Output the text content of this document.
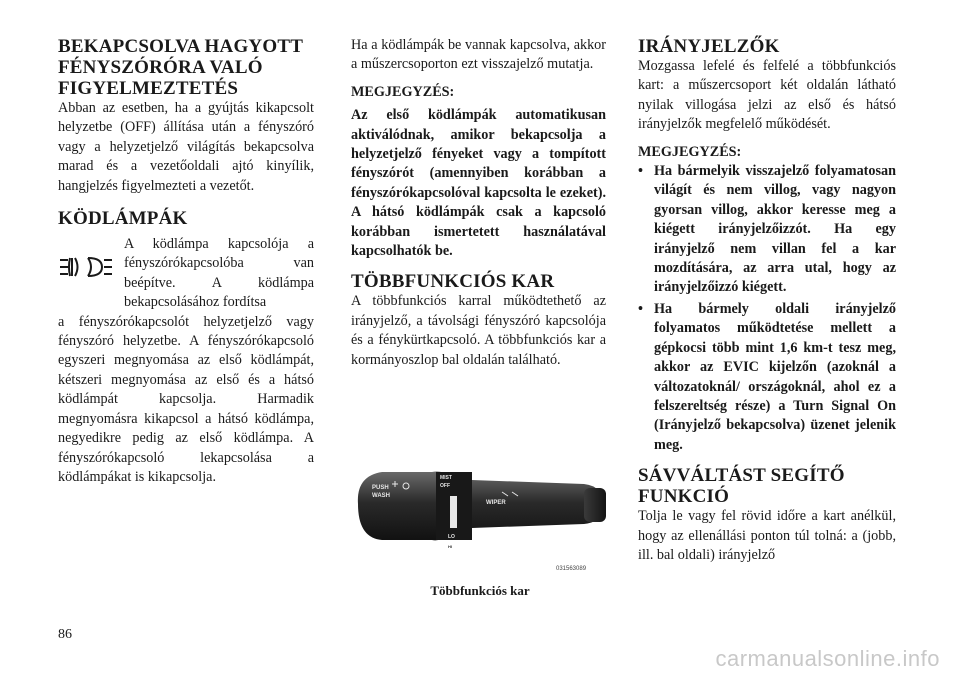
BEKAPCSOLVA HAGYOTT FÉNYSZÓRÓRA VALÓ FIGYELMEZTETÉS

Abban az esetben, ha a gyújtás kikapcsolt helyzetbe (OFF) állítása után a fényszóró vagy a helyzetjelző világítás bekapcsolva marad és a vezetőoldali ajtó kinyílik, hangjelzés figyelmezteti a vezetőt.

KÖDLÁMPÁK

A ködlámpa kapcsolója a fényszórókapcsolóba van beépítve. A ködlámpa bekapcsolásához fordítsa

a fényszórókapcsolót helyzetjelző vagy fényszóró helyzetbe. A fényszórókapcsoló egyszeri megnyomása az első ködlámpát, kétszeri megnyomása az első és a hátsó ködlámpát kapcsolja. Harmadik megnyomásra kikapcsol a hátsó ködlámpa, negyedikre pedig az első ködlámpa. A fényszórókapcsoló lekapcsolása a ködlámpákat is kikapcsolja.

Ha a ködlámpák be vannak kapcsolva, akkor a műszercsoporton ezt visszajelző mutatja.

MEGJEGYZÉS:

Az első ködlámpák automatikusan aktiválódnak, amikor bekapcsolja a helyzetjelző fényeket vagy a tompított fényszórót (amennyiben korábban a fényszórókapcsolóval kapcsolta le ezeket). A hátsó ködlámpák csak a kapcsoló korábban ismertetett használatával kapcsolhatók be.

TÖBBFUNKCIÓS KAR

A többfunkciós karral működtethető az irányjelző, a távolsági fényszóró kapcsolója és a fénykürtkapcsoló. A többfunkciós kar a kormányoszlop bal oldalán található.

PUSH
WASH
MIST
OFF
WIPER
LO
HI
031563089
Többfunkciós kar
IRÁNYJELZŐK

Mozgassa lefelé és felfelé a többfunkciós kart: a műszercsoport két oldalán látható nyilak villogása jelzi az első és hátsó irányjelzők megfelelő működését.

MEGJEGYZÉS:
• Ha bármelyik visszajelző folyamatosan világít és nem villog, vagy nagyon gyorsan villog, akkor keresse meg a kiégett irányjelzőizzót. Ha egy irányjelző nem villan fel a kar mozdítására, az arra utal, hogy az irányjelzőizzó kiégett.
• Ha bármely oldali irányjelző folyamatos működtetése mellett a gépkocsi több mint 1,6 km-t tesz meg, akkor az EVIC kijelzőn (azoknál a változatoknál/ országoknál, ahol ez a felszereltség része) a Turn Signal On (Irányjelző bekapcsolva) üzenet jelenik meg.
SÁVVÁLTÁST SEGÍTŐ FUNKCIÓ

Tolja le vagy fel rövid időre a kart anélkül, hogy az ellenállási ponton túl tolná: a (jobb, ill. bal oldali) irányjelző

86
carmanualsonline.info
